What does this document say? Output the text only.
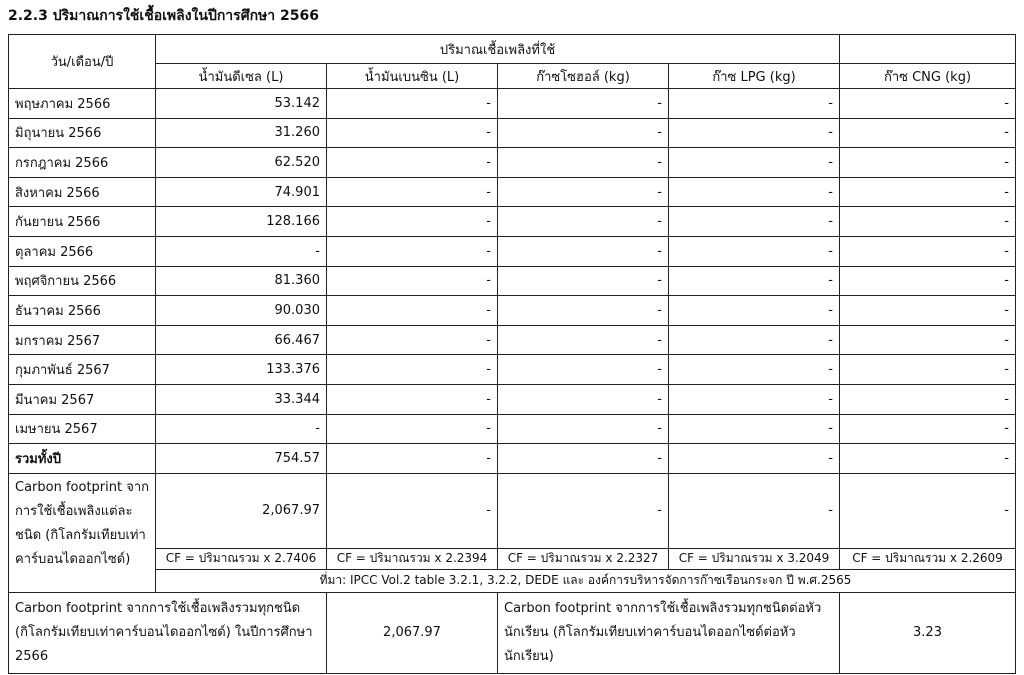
2.2.3 ปริมาณการใช้เชื้อเพลิงในปีการศึกษา 2566
วัน/เดือน/ปี	ปริมาณเชื้อเพลิงที่ใช้				
	น้ำมันดีเซล (L)	น้ำมันเบนซิน (L)	ก๊าซโซฮอล์ (kg)	ก๊าซ LPG (kg)	ก๊าซ CNG (kg)
พฤษภาคม 2566	53.142	-	-	-	-
มิถุนายน 2566	31.260	-	-	-	-
กรกฎาคม 2566	62.520	-	-	-	-
สิงหาคม 2566	74.901	-	-	-	-
กันยายน 2566	128.166	-	-	-	-
ตุลาคม 2566	-	-	-	-	-
พฤศจิกายน 2566	81.360	-	-	-	-
ธันวาคม 2566	90.030	-	-	-	-
มกราคม 2567	66.467	-	-	-	-
กุมภาพันธ์ 2567	133.376	-	-	-	-
มีนาคม 2567	33.344	-	-	-	-
เมษายน 2567	-	-	-	-	-
รวมทั้งปี	754.57	-	-	-	-
Carbon footprint จากการใช้เชื้อเพลิงแต่ละชนิด (กิโลกรัมเทียบเท่าคาร์บอนไดออกไซด์)	2,067.97	-	-	-	-
	CF = ปริมาณรวม x 2.7406	CF = ปริมาณรวม x 2.2394	CF = ปริมาณรวม x 2.2327	CF = ปริมาณรวม x 3.2049	CF = ปริมาณรวม x 2.2609
	ที่มา: IPCC Vol.2 table 3.2.1, 3.2.2, DEDE และ องค์การบริหารจัดการก๊าซเรือนกระจก ปี พ.ศ.2565				
Carbon footprint จากการใช้เชื้อเพลิงรวมทุกชนิด (กิโลกรัมเทียบเท่าคาร์บอนไดออกไซด์) ในปีการศึกษา 2566		2,067.97	Carbon footprint จากการใช้เชื้อเพลิงรวมทุกชนิดต่อหัวนักเรียน (กิโลกรัมเทียบเท่าคาร์บอนไดออกไซด์ต่อหัวนักเรียน)		3.23
